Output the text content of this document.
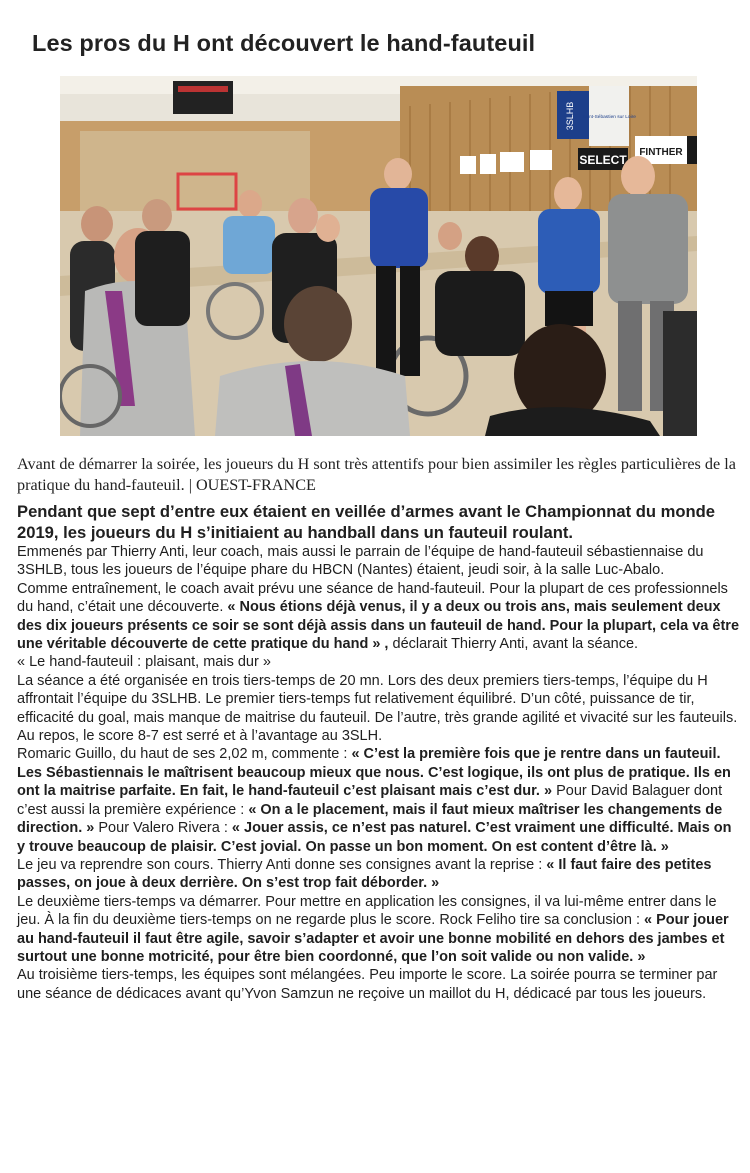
Les pros du H ont découvert le hand-fauteuil
3SLHB Saint-Sébastien sur Loire
SELECT
FINTHER
Avant de démarrer la soirée, les joueurs du H sont très attentifs pour bien assimiler les règles particulières de la pratique du hand-fauteuil. | OUEST-FRANCE

Pendant que sept d’entre eux étaient en veillée d’armes avant le Championnat du monde 2019, les joueurs du H s’initiaient au handball dans un fauteuil roulant.

Emmenés par Thierry Anti, leur coach, mais aussi le parrain de l’équipe de hand-fauteuil sébastiennaise du 3SHLB, tous les joueurs de l’équipe phare du HBCN (Nantes) étaient, jeudi soir, à la salle Luc-Abalo.

Comme entraînement, le coach avait prévu une séance de hand-fauteuil. Pour la plupart de ces professionnels du hand, c’était une découverte. « Nous étions déjà venus, il y a deux ou trois ans, mais seulement deux des dix joueurs présents ce soir se sont déjà assis dans un fauteuil de hand. Pour la plupart, cela va être une véritable découverte de cette pratique du hand » , déclarait Thierry Anti, avant la séance.

« Le hand-fauteuil : plaisant, mais dur »

La séance a été organisée en trois tiers-temps de 20 mn. Lors des deux premiers tiers-temps, l’équipe du H affrontait l’équipe du 3SLHB. Le premier tiers-temps fut relativement équilibré. D’un côté, puissance de tir, efficacité du goal, mais manque de maitrise du fauteuil. De l’autre, très grande agilité et vivacité sur les fauteuils. Au repos, le score 8-7 est serré et à l’avantage au 3SLH.

Romaric Guillo, du haut de ses 2,02 m, commente : « C’est la première fois que je rentre dans un fauteuil. Les Sébastiennais le maîtrisent beaucoup mieux que nous. C’est logique, ils ont plus de pratique. Ils en ont la maitrise parfaite. En fait, le hand-fauteuil c’est plaisant mais c’est dur. » Pour David Balaguer dont c’est aussi la première expérience : « On a le placement, mais il faut mieux maîtriser les changements de direction. » Pour Valero Rivera : « Jouer assis, ce n’est pas naturel. C’est vraiment une difficulté. Mais on y trouve beaucoup de plaisir. C’est jovial. On passe un bon moment. On est content d’être là. »

Le jeu va reprendre son cours. Thierry Anti donne ses consignes avant la reprise : « Il faut faire des petites passes, on joue à deux derrière. On s’est trop fait déborder. »

Le deuxième tiers-temps va démarrer. Pour mettre en application les consignes, il va lui-même entrer dans le jeu. À la fin du deuxième tiers-temps on ne regarde plus le score. Rock Feliho tire sa conclusion : « Pour jouer au hand-fauteuil il faut être agile, savoir s’adapter et avoir une bonne mobilité en dehors des jambes et surtout une bonne motricité, pour être bien coordonné, que l’on soit valide ou non valide. »

Au troisième tiers-temps, les équipes sont mélangées. Peu importe le score. La soirée pourra se terminer par une séance de dédicaces avant qu’Yvon Samzun ne reçoive un maillot du H, dédicacé par tous les joueurs.
